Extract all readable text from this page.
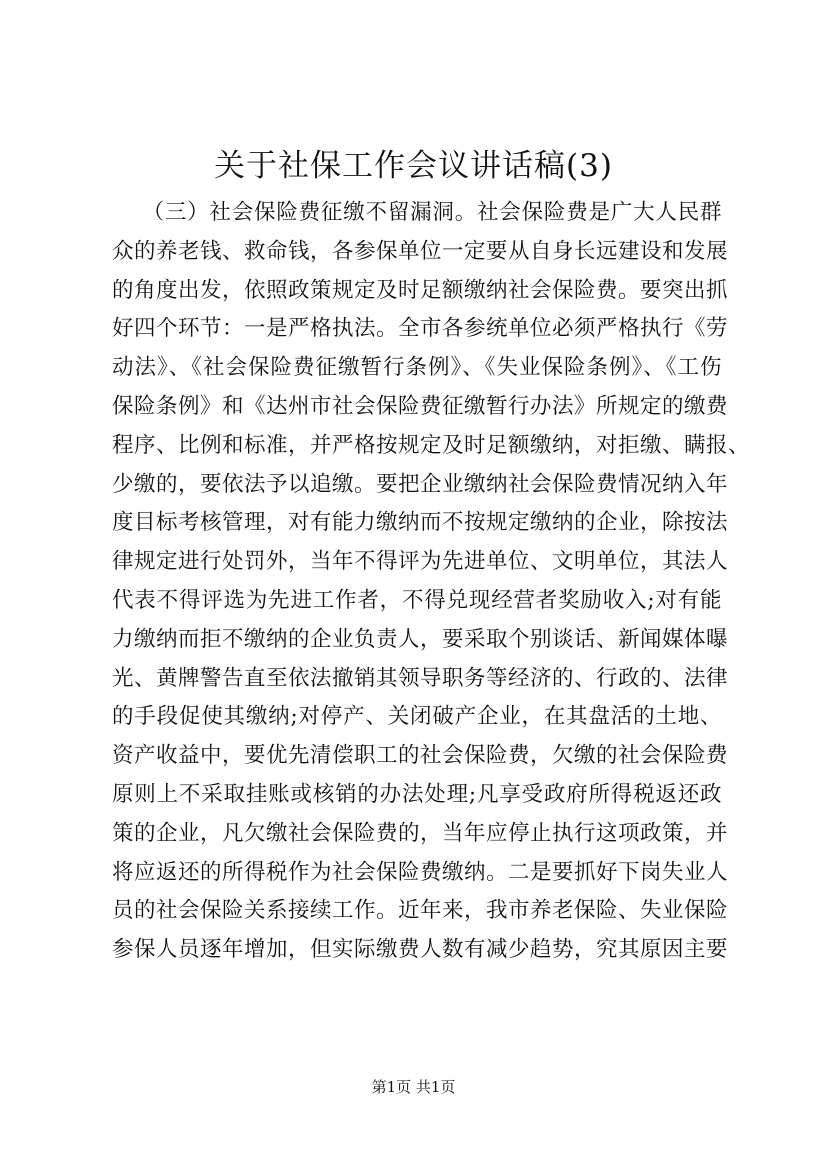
关于社保工作会议讲话稿(3)
（三）社会保险费征缴不留漏洞。社会保险费是广大人民群
众的养老钱、救命钱，各参保单位一定要从自身长远建设和发展
的角度出发，依照政策规定及时足额缴纳社会保险费。要突出抓
好四个环节：一是严格执法。全市各参统单位必须严格执行《劳
动法》、《社会保险费征缴暂行条例》、《失业保险条例》、《工伤
保险条例》和《达州市社会保险费征缴暂行办法》所规定的缴费
程序、比例和标准，并严格按规定及时足额缴纳，对拒缴、瞒报、
少缴的，要依法予以追缴。要把企业缴纳社会保险费情况纳入年
度目标考核管理，对有能力缴纳而不按规定缴纳的企业，除按法
律规定进行处罚外，当年不得评为先进单位、文明单位，其法人
代表不得评选为先进工作者，不得兑现经营者奖励收入;对有能
力缴纳而拒不缴纳的企业负责人，要采取个别谈话、新闻媒体曝
光、黄牌警告直至依法撤销其领导职务等经济的、行政的、法律
的手段促使其缴纳;对停产、关闭破产企业，在其盘活的土地、
资产收益中，要优先清偿职工的社会保险费，欠缴的社会保险费
原则上不采取挂账或核销的办法处理;凡享受政府所得税返还政
策的企业，凡欠缴社会保险费的，当年应停止执行这项政策，并
将应返还的所得税作为社会保险费缴纳。二是要抓好下岗失业人
员的社会保险关系接续工作。近年来，我市养老保险、失业保险
参保人员逐年增加，但实际缴费人数有减少趋势，究其原因主要
第1页 共1页
